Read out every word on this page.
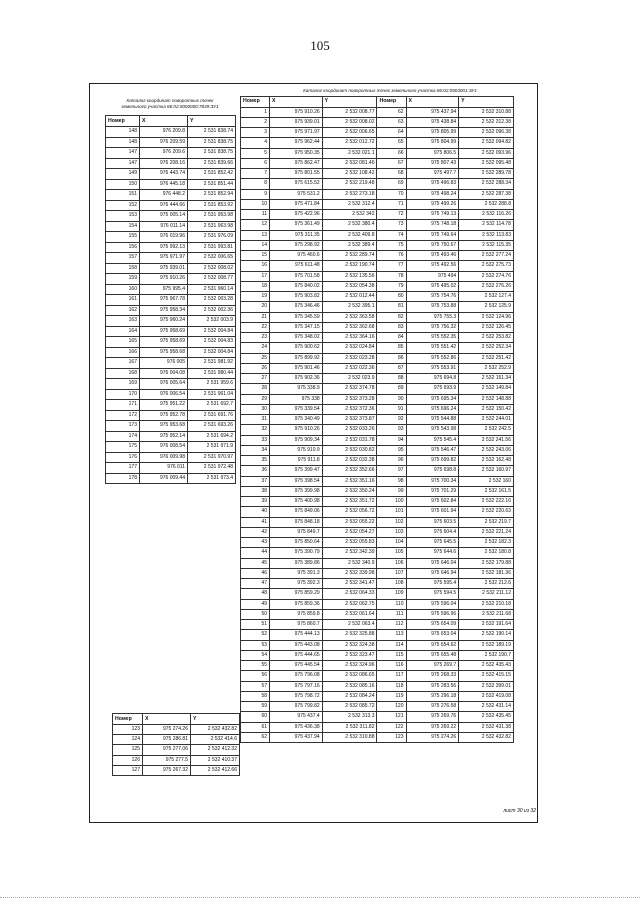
105
Каталог координат поворотных точек
земельного участка 86:02:0000000:7839:ЗУ1
Каталог координат поворотных точек земельного участка 86:02:0903001:ЗУ1
Номер	X	Y
148	976 209.8	2 531 838.74
148	976 209.59	2 531 838.75
147	976 209.6	2 531 838.75
147	976 208.16	2 531 839.66
149	976 443.74	2 531 852.42
150	976 445.18	2 531 851.44
151	976 448.2	2 531 852.94
152	976 444.66	2 531 853.92
153	975 005.14	2 531 953.98
154	976 011.14	2 531 963.98
155	976 019.96	2 531 976.09
156	975 992.13	2 531 993.81
157	975 971.97	2 532 006.65
158	975 939.01	2 532 008.02
159	975 910.26	2 532 008.77
160	975 995.4	2 531 960.14
161	975 967.78	2 532 003.28
162	975 958.34	2 532 002.36
163	975 960.24	2 532 003.9
164	975 958.69	2 532 004.84
165	975 958.69	2 532 004.83
166	975 958.68	2 532 004.84
167	976 005	2 531 981.92
168	976 004.08	2 531 980.44
169	976 005.64	2 531 959.6
170	976 006.54	2 531 961.04
171	975 951.22	2 531 692.7
172	975 952.78	2 531 691.76
173	975 953.68	2 531 693.26
174	975 952.14	2 531 694.2
175	976 008.54	2 531 971.9
176	976 009.98	2 531 970.97
177	976 011	2 531 972.48
178	976 009.44	2 531 973.4
Номер	X	Y	Номер	X	Y
1	975 910.26	2 532 008.77	62	975 437.94	2 532 310.88
2	975 939.01	2 532 008.02	63	975 438.84	2 532 312.38
3	975 971.97	2 532 006.65	64	975 805.99	2 532 096.38
4	975 962.44	2 532 012.72	65	975 804.99	2 532 094.82
5	975 950.35	2 532 021.1	66	975 806.5	2 532 093.96
6	975 862.47	2 532 081.46	67	975 807.43	2 532 095.48
7	975 801.55	2 532 108.42	68	975 497.7	2 532 289.78
8	975 615.52	2 532 219.48	69	975 496.83	2 532 288.34
9	975 531.2	2 532 273.18	70	975 498.24	2 532 287.38
10	975 471.84	2 532 312.4	71	975 499.26	2 532 288.8
11	975 422.96	2 532 342	72	975 749.13	2 532 116.26
12	975 361.49	2 532 380.4	73	975 748.18	2 532 114.78
13	975 311.35	2 532 409.8	74	975 749.64	2 532 113.83
14	975 298.92	2 532 389.4	75	975 750.67	2 532 115.35
15	975 460.6	2 532 289.74	76	975 493.46	2 532 277.24
16	975 611.48	2 532 190.74	77	975 492.56	2 532 275.73
17	975 701.58	2 532 135.56	78	975 494	2 532 274.76
18	975 840.02	2 532 054.38	79	975 495.02	2 532 276.26
19	975 903.82	2 532 012.44	80	975 754.76	2 532 127.4
20	975 346.46	2 532 395.1	81	975 753.88	2 532 125.9
21	975 345.59	2 532 363.58	82	975 755.3	2 532 124.96
22	975 347.15	2 532 362.68	83	975 756.32	2 532 126.45
23	975 348.02	2 532 364.16	84	975 552.35	2 532 253.82
24	975 900.62	2 532 024.84	85	975 551.42	2 532 252.34
25	975 899.92	2 532 023.28	86	975 552.86	2 532 251.42
26	975 901.46	2 532 022.36	87	975 553.91	2 532 252.9
27	975 902.36	2 532 023.9	88	975 694.8	2 532 151.34
28	975 338.9	2 532 374.78	89	975 693.9	2 532 149.84
29	975 338	2 532 373.28	90	975 695.34	2 532 148.88
30	975 339.54	2 532 372.36	91	975 696.24	2 532 150.42
31	975 340.49	2 532 373.87	92	975 544.88	2 532 244.01
32	975 910.26	2 532 033.26	93	975 543.98	2 532 242.5
33	975 909.34	2 532 031.78	94	975 545.4	2 532 241.56
34	975 910.9	2 532 030.82	95	975 546.47	2 532 243.06
35	975 911.8	2 532 032.38	96	975 699.82	2 532 162.48
36	975 399.47	2 532 352.66	97	975 698.8	2 532 160.97
37	975 398.54	2 532 351.16	98	975 700.34	2 532 160
38	975 399.98	2 532 350.24	99	975 701.29	2 532 161.5
39	975 400.98	2 532 351.72	100	975 602.84	2 532 222.16
40	975 849.06	2 532 056.72	101	975 601.94	2 532 220.63
41	975 848.18	2 532 055.22	102	975 603.5	2 532 219.7
42	975 849.7	2 532 054.27	103	975 604.4	2 532 221.24
43	975 850.64	2 532 055.83	104	975 645.5	2 532 182.3
44	975 390.79	2 532 342.39	105	975 644.6	2 532 180.8
45	975 389.86	2 532 340.9	106	975 646.04	2 532 179.88
46	975 391.3	2 532 339.98	107	975 646.94	2 532 181.36
47	975 392.3	2 532 341.47	108	975 595.4	2 532 212.6
48	975 859.29	2 532 064.33	109	975 594.5	2 532 211.12
49	975 859.36	2 532 062.75	110	975 596.04	2 532 210.18
50	975 859.8	2 532 061.64	111	975 596.96	2 532 211.68
51	975 860.7	2 532 063.4	112	975 654.09	2 532 191.64
52	975 444.13	2 532 325.88	113	975 653.04	2 532 190.14
53	975 443.08	2 532 324.38	114	975 654.62	2 532 189.19
54	975 444.65	2 532 323.47	115	975 655.48	2 532 190.7
55	975 445.54	2 532 324.96	116	975 269.7	2 532 435.43
56	975 796.08	2 532 086.65	117	975 268.33	2 532 415.15
57	975 797.16	2 532 085.16	118	975 283.56	2 532 399.01
58	975 798.72	2 532 084.24	119	975 296.18	2 532 419.08
59	975 799.82	2 532 085.72	120	975 276.58	2 532 431.14
60	975 437.4	2 532 313.3	121	975 269.76	2 532 435.45
61	975 436.38	2 532 311.82	122	975 269.22	2 532 431.38
62	975 437.94	2 532 310.88	123	975 274.26	2 532 432.82
Номер	X	Y
123	975 274.26	2 532 432.82
124	975 286.81	2 532 414.6
125	975 277.06	2 532 412.32
126	975 277.5	2 532 410.37
127	975 267.32	2 532 412.66
лист 30 из 32
